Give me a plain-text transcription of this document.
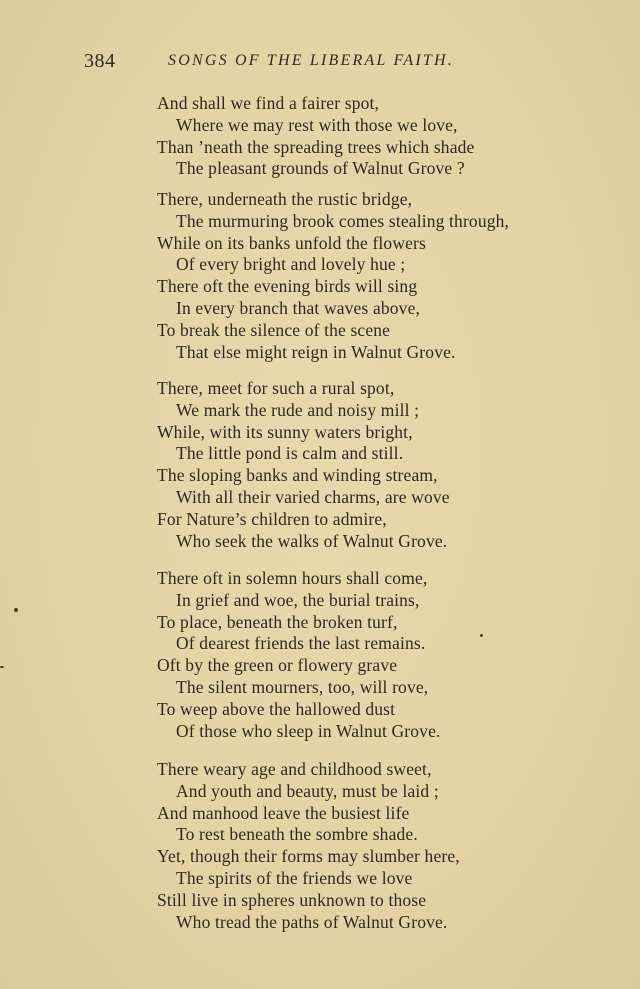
384	SONGS OF THE LIBERAL FAITH.
And shall we find a fairer spot,
Where we may rest with those we love,
Than ’neath the spreading trees which shade
The pleasant grounds of Walnut Grove ?
There, underneath the rustic bridge,
The murmuring brook comes stealing through,
While on its banks unfold the flowers
Of every bright and lovely hue ;
There oft the evening birds will sing
In every branch that waves above,
To break the silence of the scene
That else might reign in Walnut Grove.
There, meet for such a rural spot,
We mark the rude and noisy mill ;
While, with its sunny waters bright,
The little pond is calm and still.
The sloping banks and winding stream,
With all their varied charms, are wove
For Nature’s children to admire,
Who seek the walks of Walnut Grove.
There oft in solemn hours shall come,
In grief and woe, the burial trains,
To place, beneath the broken turf,
Of dearest friends the last remains.
Oft by the green or flowery grave
The silent mourners, too, will rove,
To weep above the hallowed dust
Of those who sleep in Walnut Grove.
There weary age and childhood sweet,
And youth and beauty, must be laid ;
And manhood leave the busiest life
To rest beneath the sombre shade.
Yet, though their forms may slumber here,
The spirits of the friends we love
Still live in spheres unknown to those
Who tread the paths of Walnut Grove.
